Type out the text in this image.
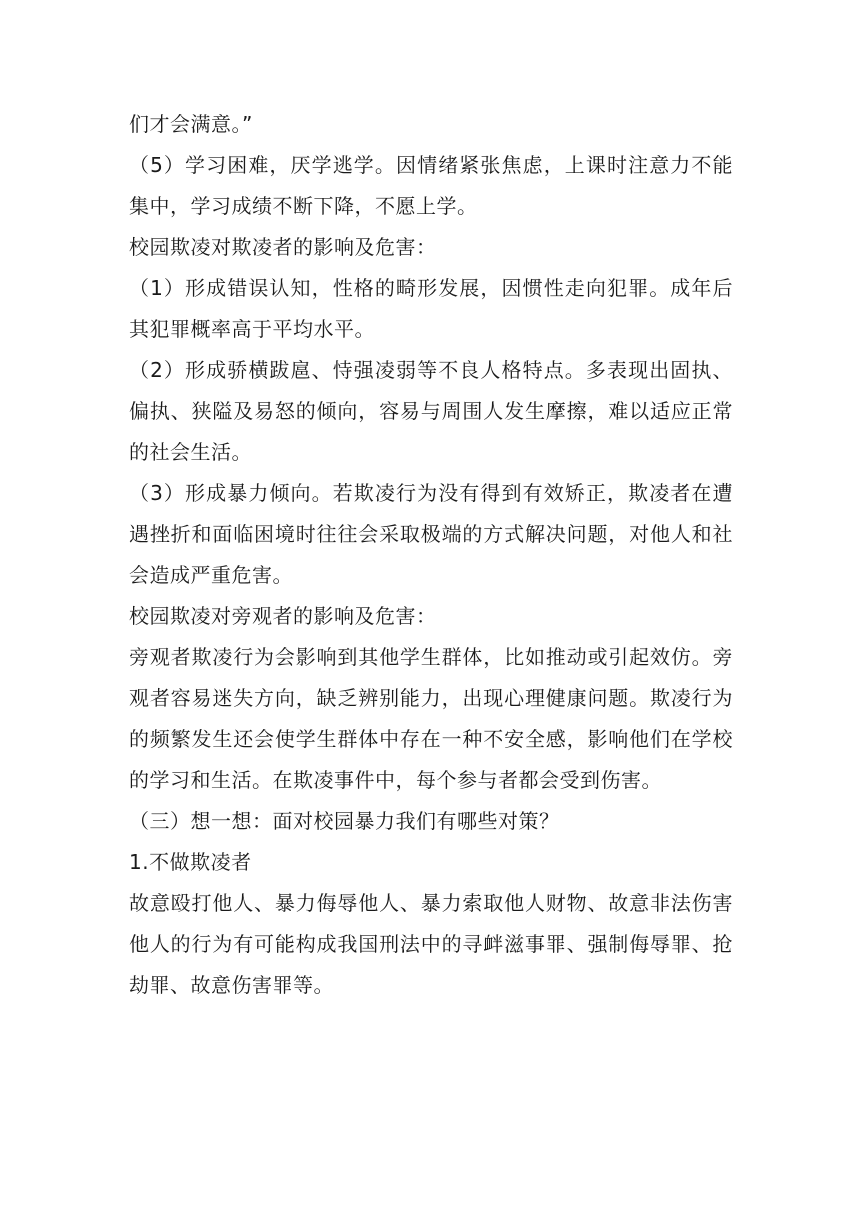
们才会满意。”

（5）学习困难，厌学逃学。因情绪紧张焦虑，上课时注意力不能集中，学习成绩不断下降，不愿上学。

校园欺凌对欺凌者的影响及危害：

（1）形成错误认知，性格的畸形发展，因惯性走向犯罪。成年后其犯罪概率高于平均水平。

（2）形成骄横跋扈、恃强凌弱等不良人格特点。多表现出固执、偏执、狭隘及易怒的倾向，容易与周围人发生摩擦，难以适应正常的社会生活。

（3）形成暴力倾向。若欺凌行为没有得到有效矫正，欺凌者在遭遇挫折和面临困境时往往会采取极端的方式解决问题，对他人和社会造成严重危害。

校园欺凌对旁观者的影响及危害：

旁观者欺凌行为会影响到其他学生群体，比如推动或引起效仿。旁观者容易迷失方向，缺乏辨别能力，出现心理健康问题。欺凌行为的频繁发生还会使学生群体中存在一种不安全感，影响他们在学校的学习和生活。在欺凌事件中，每个参与者都会受到伤害。

（三）想一想：面对校园暴力我们有哪些对策？

1.不做欺凌者

故意殴打他人、暴力侮辱他人、暴力索取他人财物、故意非法伤害他人的行为有可能构成我国刑法中的寻衅滋事罪、强制侮辱罪、抢劫罪、故意伤害罪等。
